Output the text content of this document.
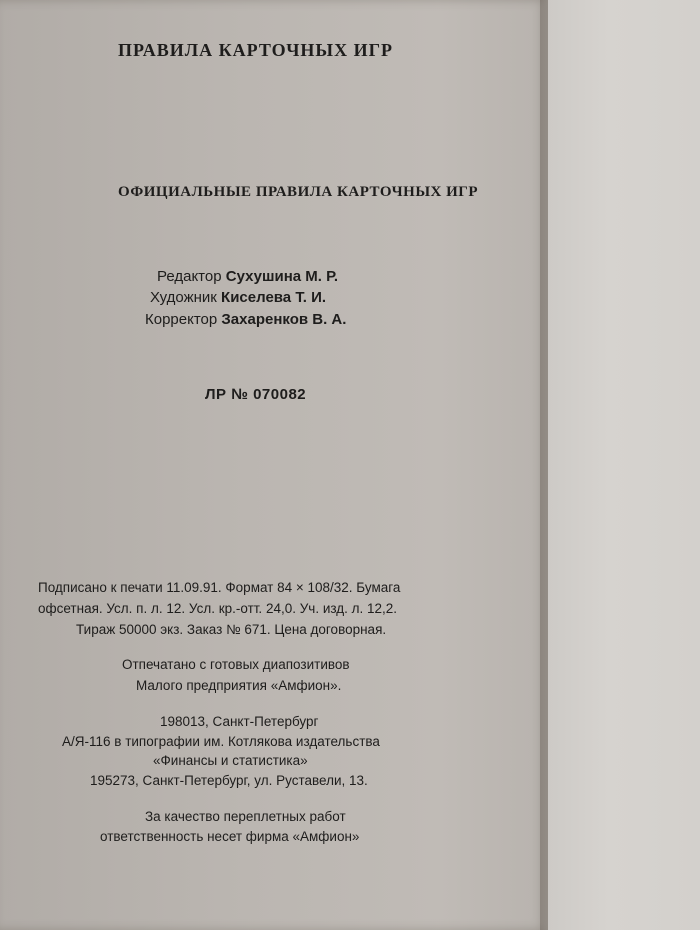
ПРАВИЛА КАРТОЧНЫХ ИГР

ОФИЦИАЛЬНЫЕ ПРАВИЛА КАРТОЧНЫХ ИГР

Редактор Сухушина М. Р.

Художник Киселева Т. И.

Корректор Захаренков В. А.

ЛР № 070082

Подписано к печати 11.09.91. Формат 84 × 108/32. Бумага

офсетная. Усл. п. л. 12. Усл. кр.-отт. 24,0. Уч. изд. л. 12,2.

Тираж 50000 экз. Заказ № 671. Цена договорная.

Отпечатано с готовых диапозитивов

Малого предприятия «Амфион».

198013, Санкт-Петербург

А/Я-116 в типографии им. Котлякова издательства

«Финансы и статистика»

195273, Санкт-Петербург, ул. Руставели, 13.

За качество переплетных работ

ответственность несет фирма «Амфион»
